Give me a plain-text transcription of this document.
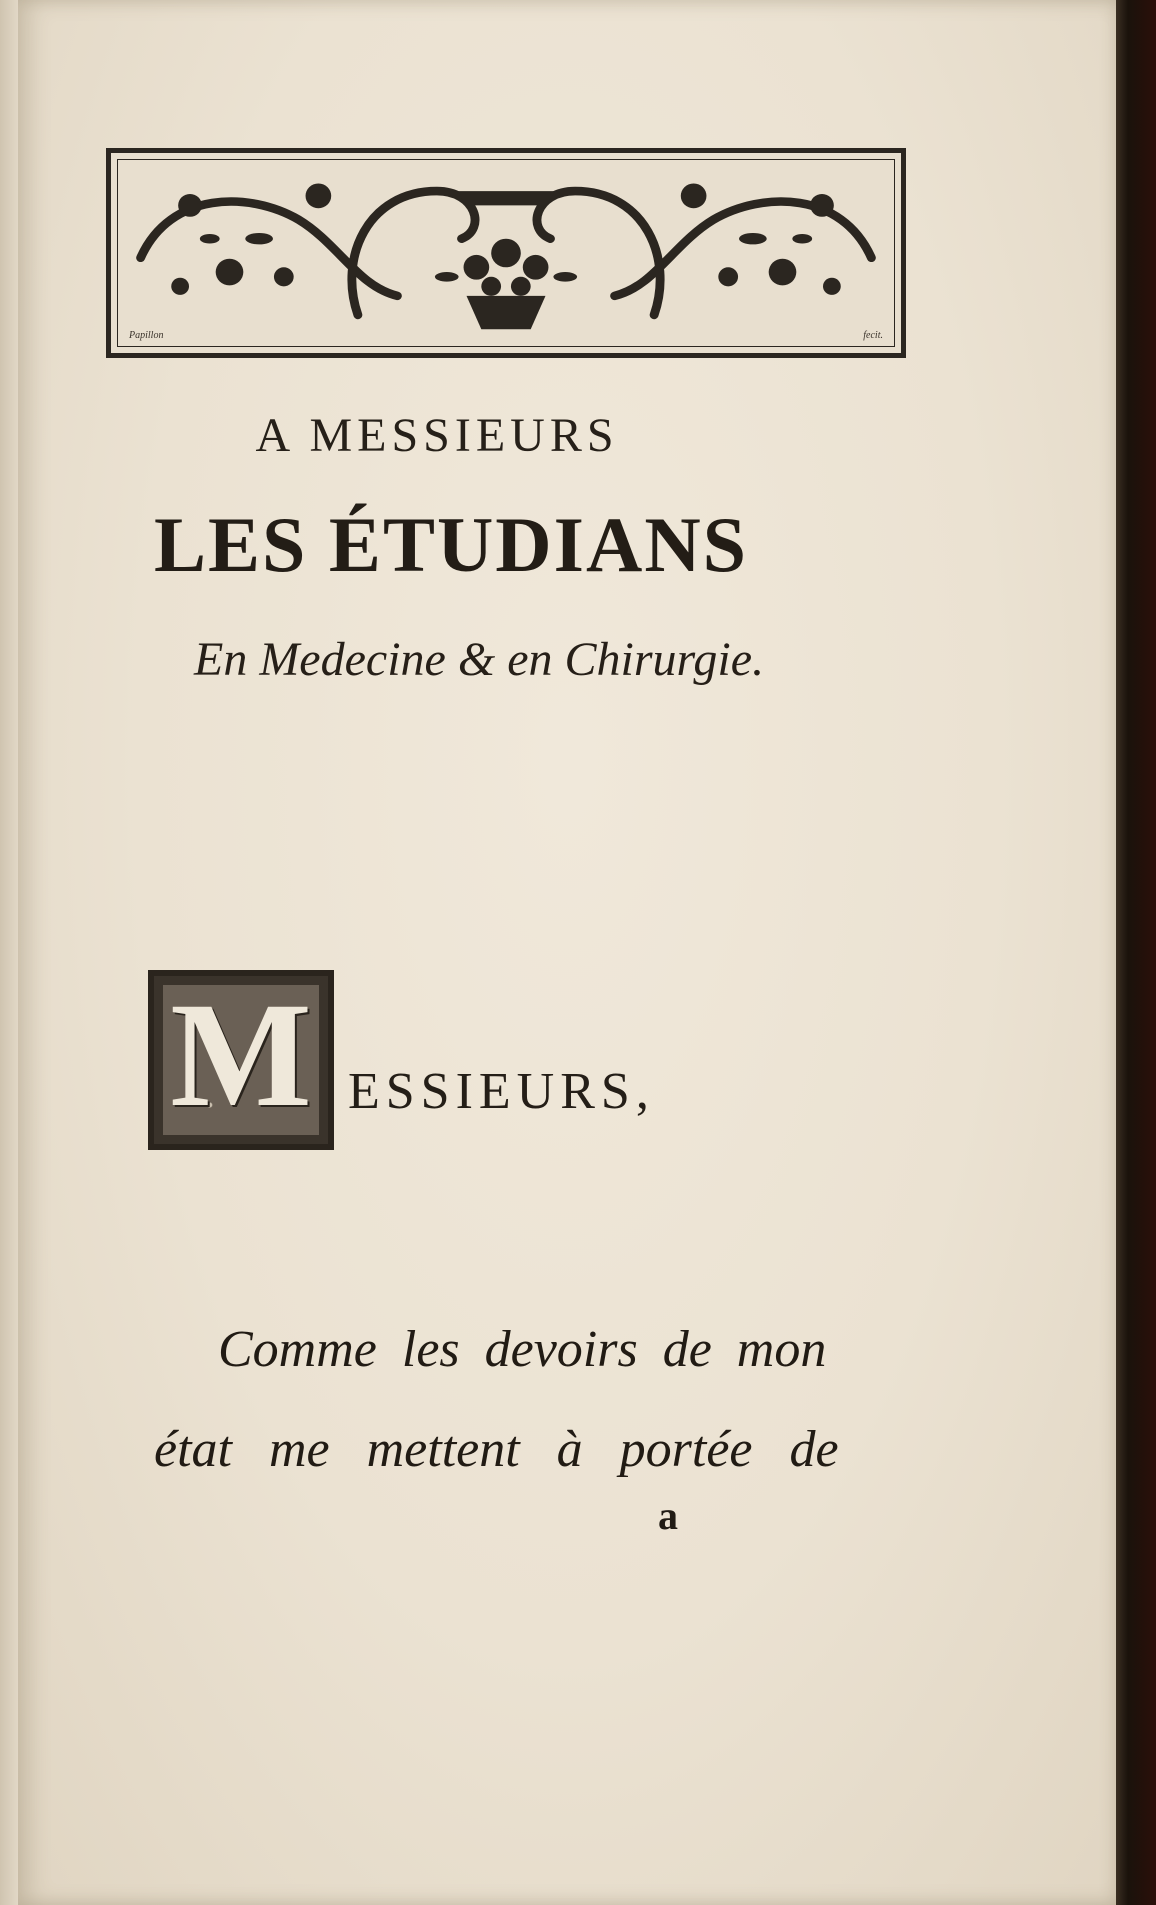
Papillon	fecit.
A MESSIEURS
LES ÉTUDIANS
En Medecine & en Chirurgie.
M ESSIEURS,
Comme les devoirs de mon
état me mettent à portée de
a
